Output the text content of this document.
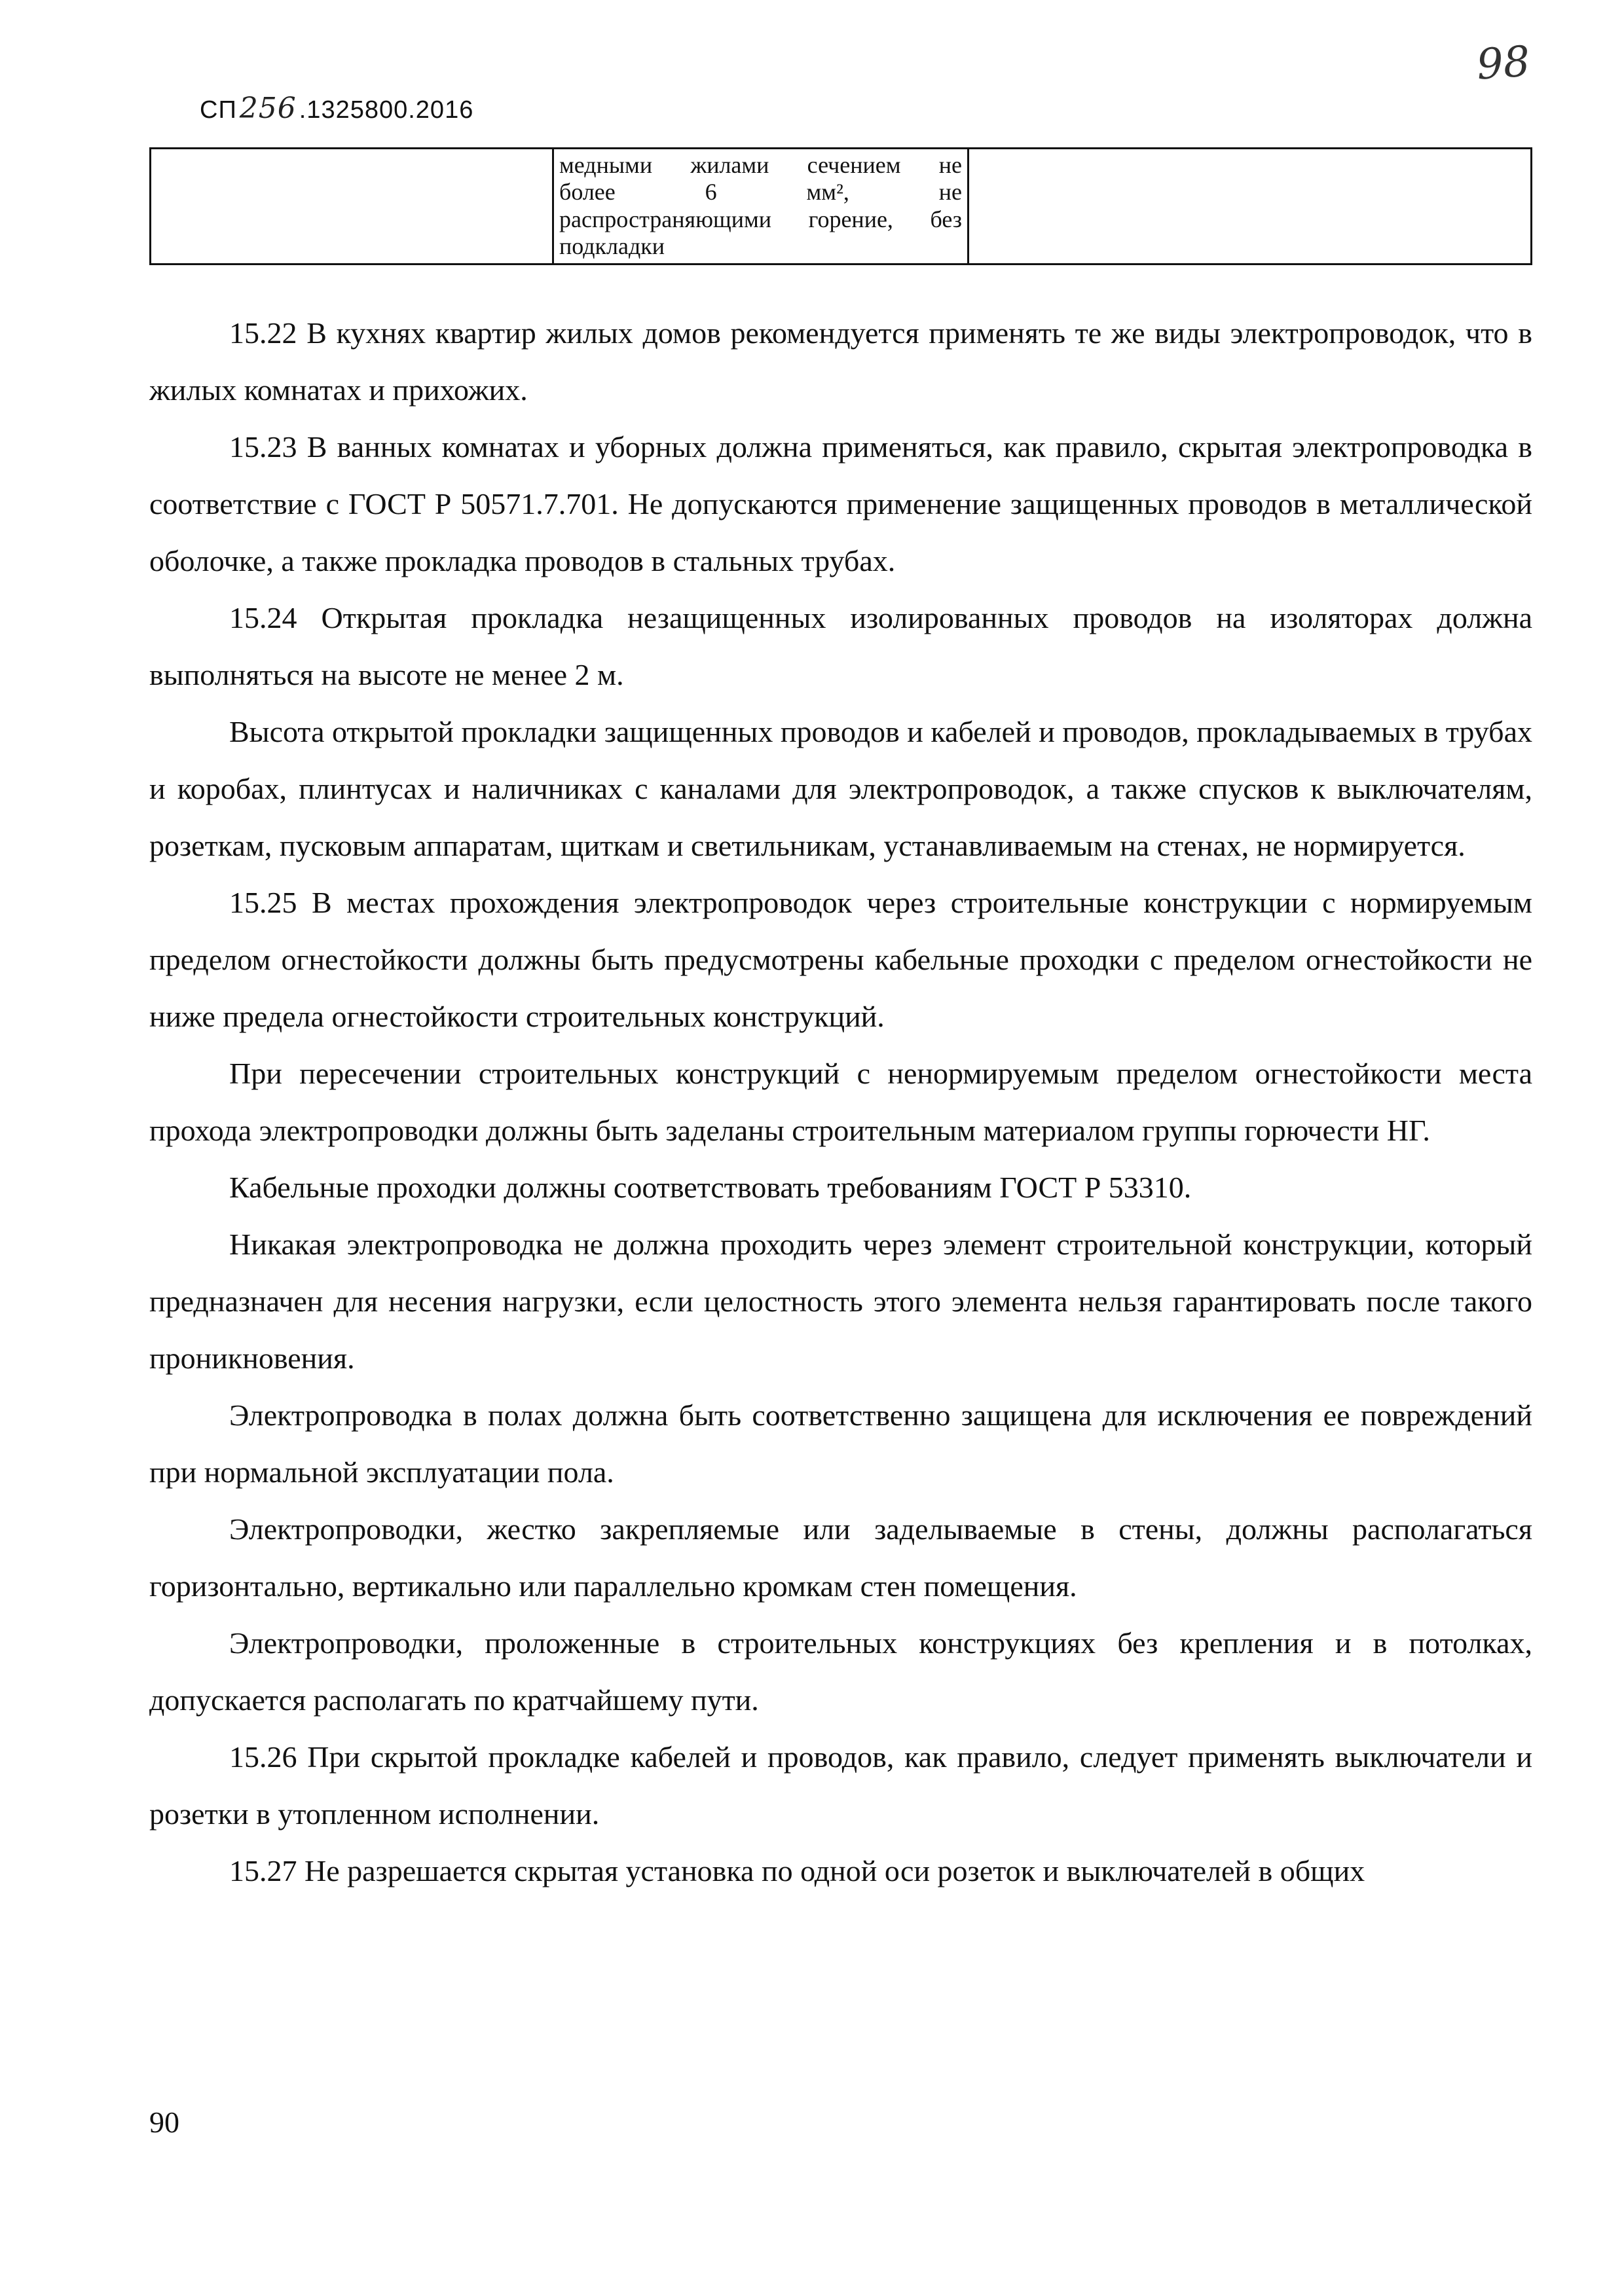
СП 256 .1325800.2016
98

медными жилами сечением не
более 6 мм², не
распространяющими горение, без
подкладки

15.22 В кухнях квартир жилых домов рекомендуется применять те же виды электропроводок, что в жилых комнатах и прихожих.

15.23 В ванных комнатах и уборных должна применяться, как правило, скрытая электропроводка в соответствие с ГОСТ Р 50571.7.701. Не допускаются применение защищенных проводов в металлической оболочке, а также прокладка проводов в стальных трубах.

15.24 Открытая прокладка незащищенных изолированных проводов на изоляторах должна выполняться на высоте не менее 2 м.

Высота открытой прокладки защищенных проводов и кабелей и проводов, прокладываемых в трубах и коробах, плинтусах и наличниках с каналами для электропроводок, а также спусков к выключателям, розеткам, пусковым аппаратам, щиткам и светильникам, устанавливаемым на стенах, не нормируется.

15.25 В местах прохождения электропроводок через строительные конструкции с нормируемым пределом огнестойкости должны быть предусмотрены кабельные проходки с пределом огнестойкости не ниже предела огнестойкости строительных конструкций.

При пересечении строительных конструкций с ненормируемым пределом огнестойкости места прохода электропроводки должны быть заделаны строительным материалом группы горючести НГ.

Кабельные проходки должны соответствовать требованиям ГОСТ Р 53310.

Никакая электропроводка не должна проходить через элемент строительной конструкции, который предназначен для несения нагрузки, если целостность этого элемента нельзя гарантировать после такого проникновения.

Электропроводка в полах должна быть соответственно защищена для исключения ее повреждений при нормальной эксплуатации пола.

Электропроводки, жестко закрепляемые или заделываемые в стены, должны располагаться горизонтально, вертикально или параллельно кромкам стен помещения.

Электропроводки, проложенные в строительных конструкциях без крепления и в потолках, допускается располагать по кратчайшему пути.

15.26 При скрытой прокладке кабелей и проводов, как правило, следует применять выключатели и розетки в утопленном исполнении.

15.27 Не разрешается скрытая установка по одной оси розеток и выключателей в общих

90
